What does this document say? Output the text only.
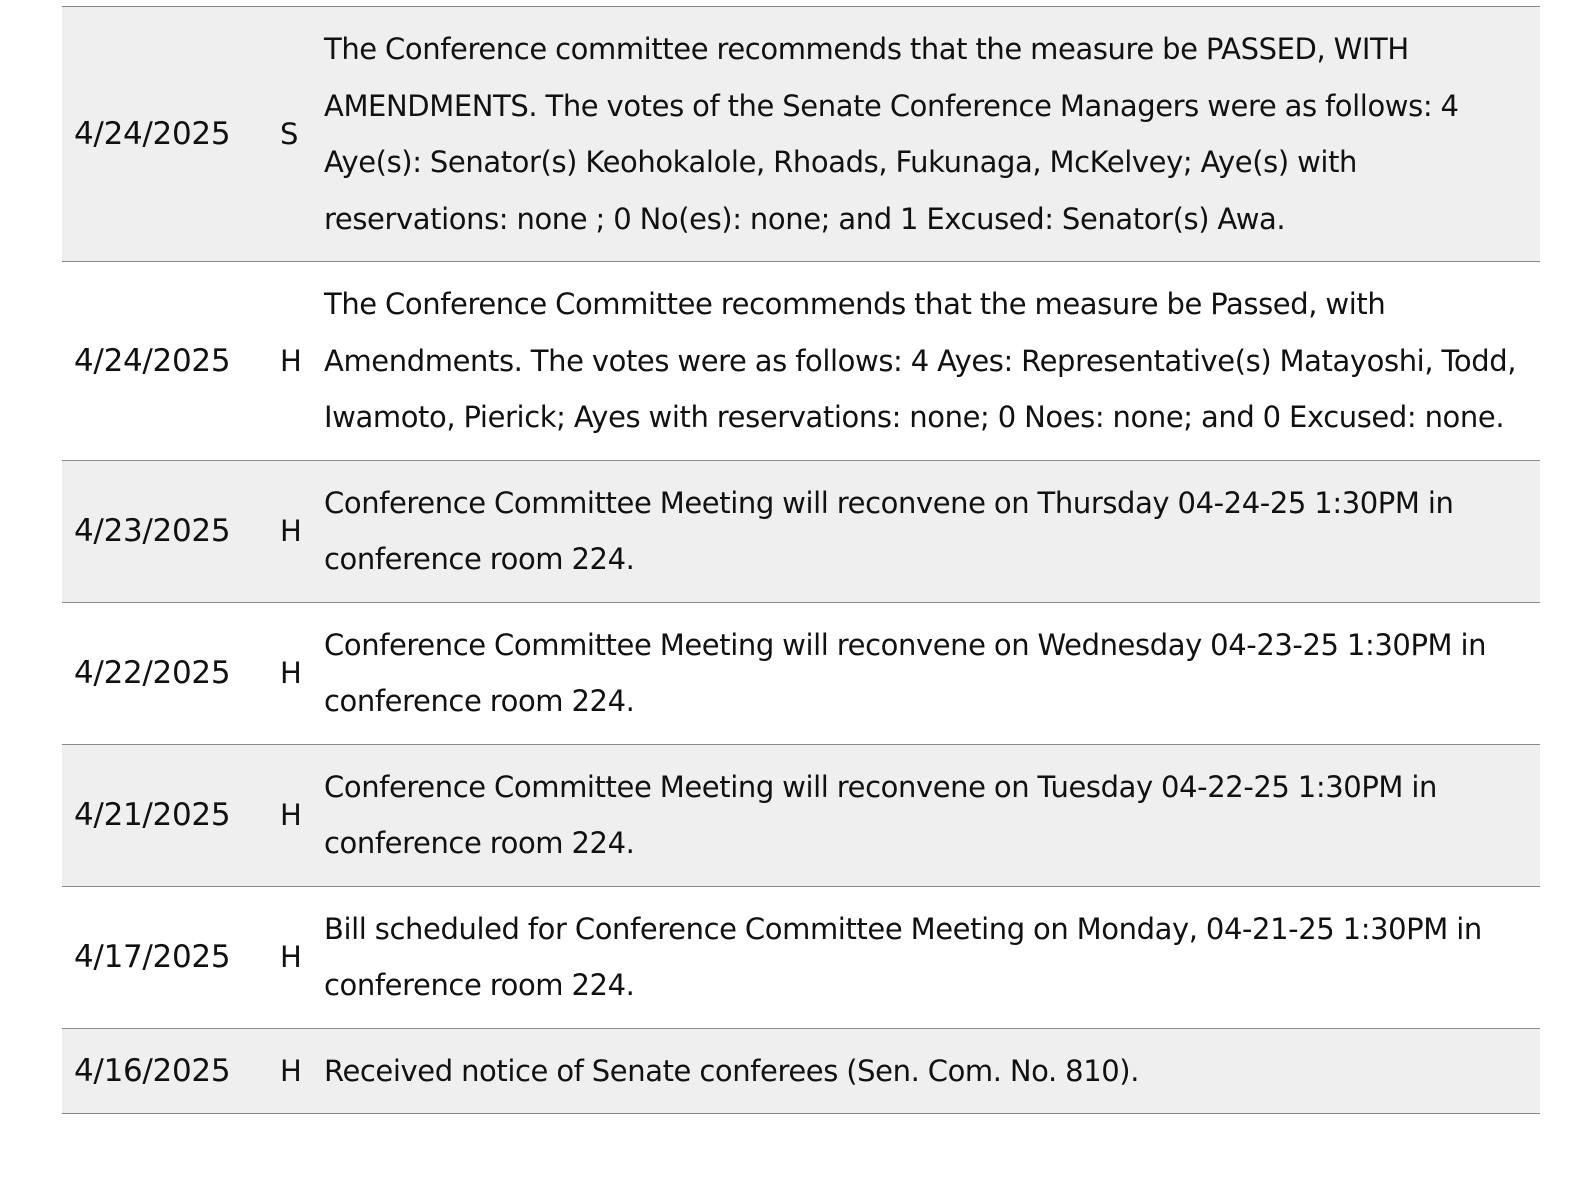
4/24/2025	S	The Conference committee recommends that the measure be PASSED, WITH AMENDMENTS. The votes of the Senate Conference Managers were as follows: 4 Aye(s): Senator(s) Keohokalole, Rhoads, Fukunaga, McKelvey; Aye(s) with reservations: none ; 0 No(es): none; and 1 Excused: Senator(s) Awa.
4/24/2025	H	The Conference Committee recommends that the measure be Passed, with Amendments. The votes were as follows: 4 Ayes: Representative(s) Matayoshi, Todd, Iwamoto, Pierick; Ayes with reservations: none; 0 Noes: none; and 0 Excused: none.
4/23/2025	H	Conference Committee Meeting will reconvene on Thursday 04-24-25 1:30PM in conference room 224.
4/22/2025	H	Conference Committee Meeting will reconvene on Wednesday 04-23-25 1:30PM in conference room 224.
4/21/2025	H	Conference Committee Meeting will reconvene on Tuesday 04-22-25 1:30PM in conference room 224.
4/17/2025	H	Bill scheduled for Conference Committee Meeting on Monday, 04-21-25 1:30PM in conference room 224.
4/16/2025	H	Received notice of Senate conferees (Sen. Com. No. 810).
